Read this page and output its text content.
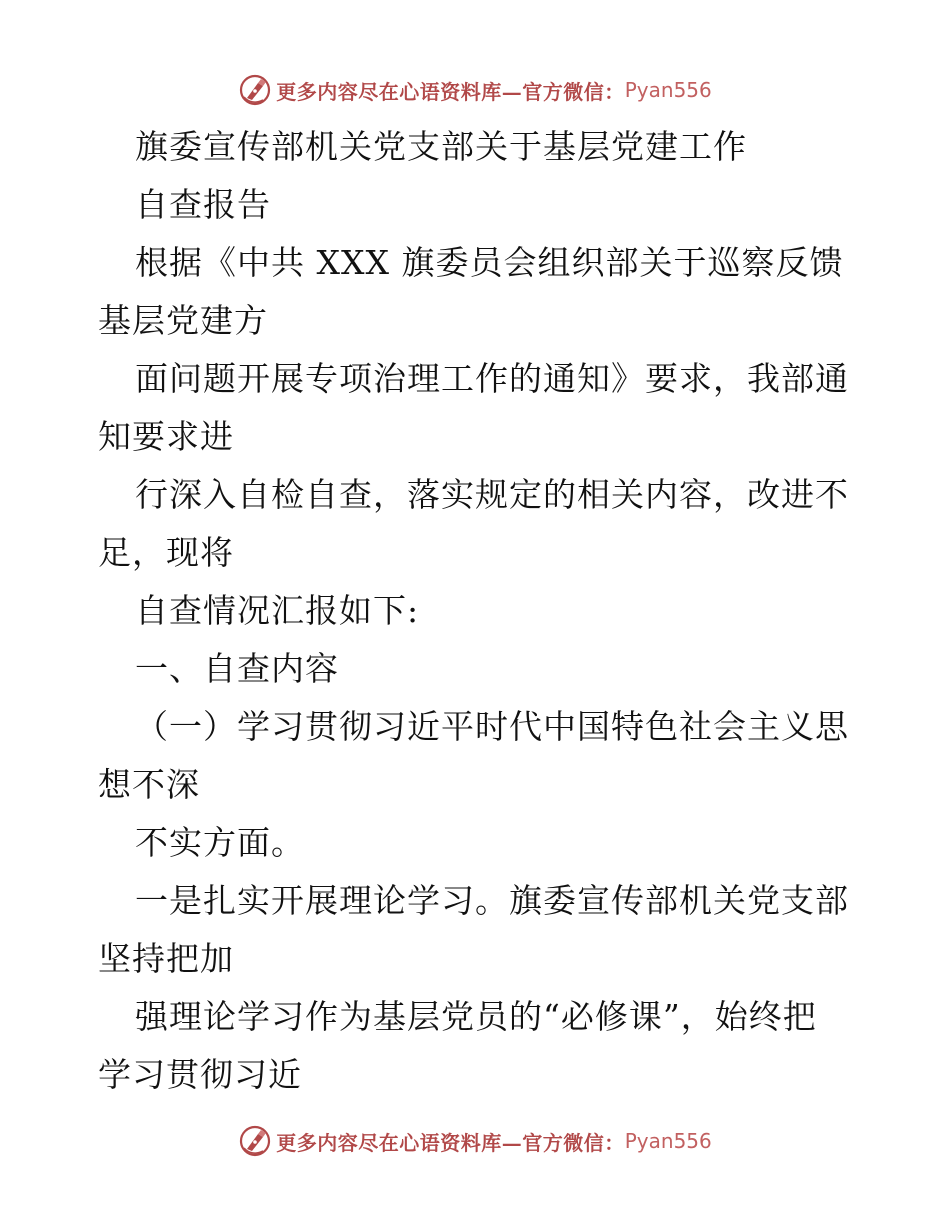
更多内容尽在心语资料库—官方微信： Pyan556
旗委宣传部机关党支部关于基层党建工作
自查报告
根据《中共 XXX 旗委员会组织部关于巡察反馈
基层党建方
面问题开展专项治理工作的通知》要求，我部通
知要求进
行深入自检自查，落实规定的相关内容，改进不
足，现将
自查情况汇报如下:
一、自查内容
（一）学习贯彻习近平时代中国特色社会主义思
想不深
不实方面。
一是扎实开展理论学习。旗委宣传部机关党支部
坚持把加
强理论学习作为基层党员的“必修课”，始终把
学习贯彻习近
更多内容尽在心语资料库—官方微信： Pyan556
